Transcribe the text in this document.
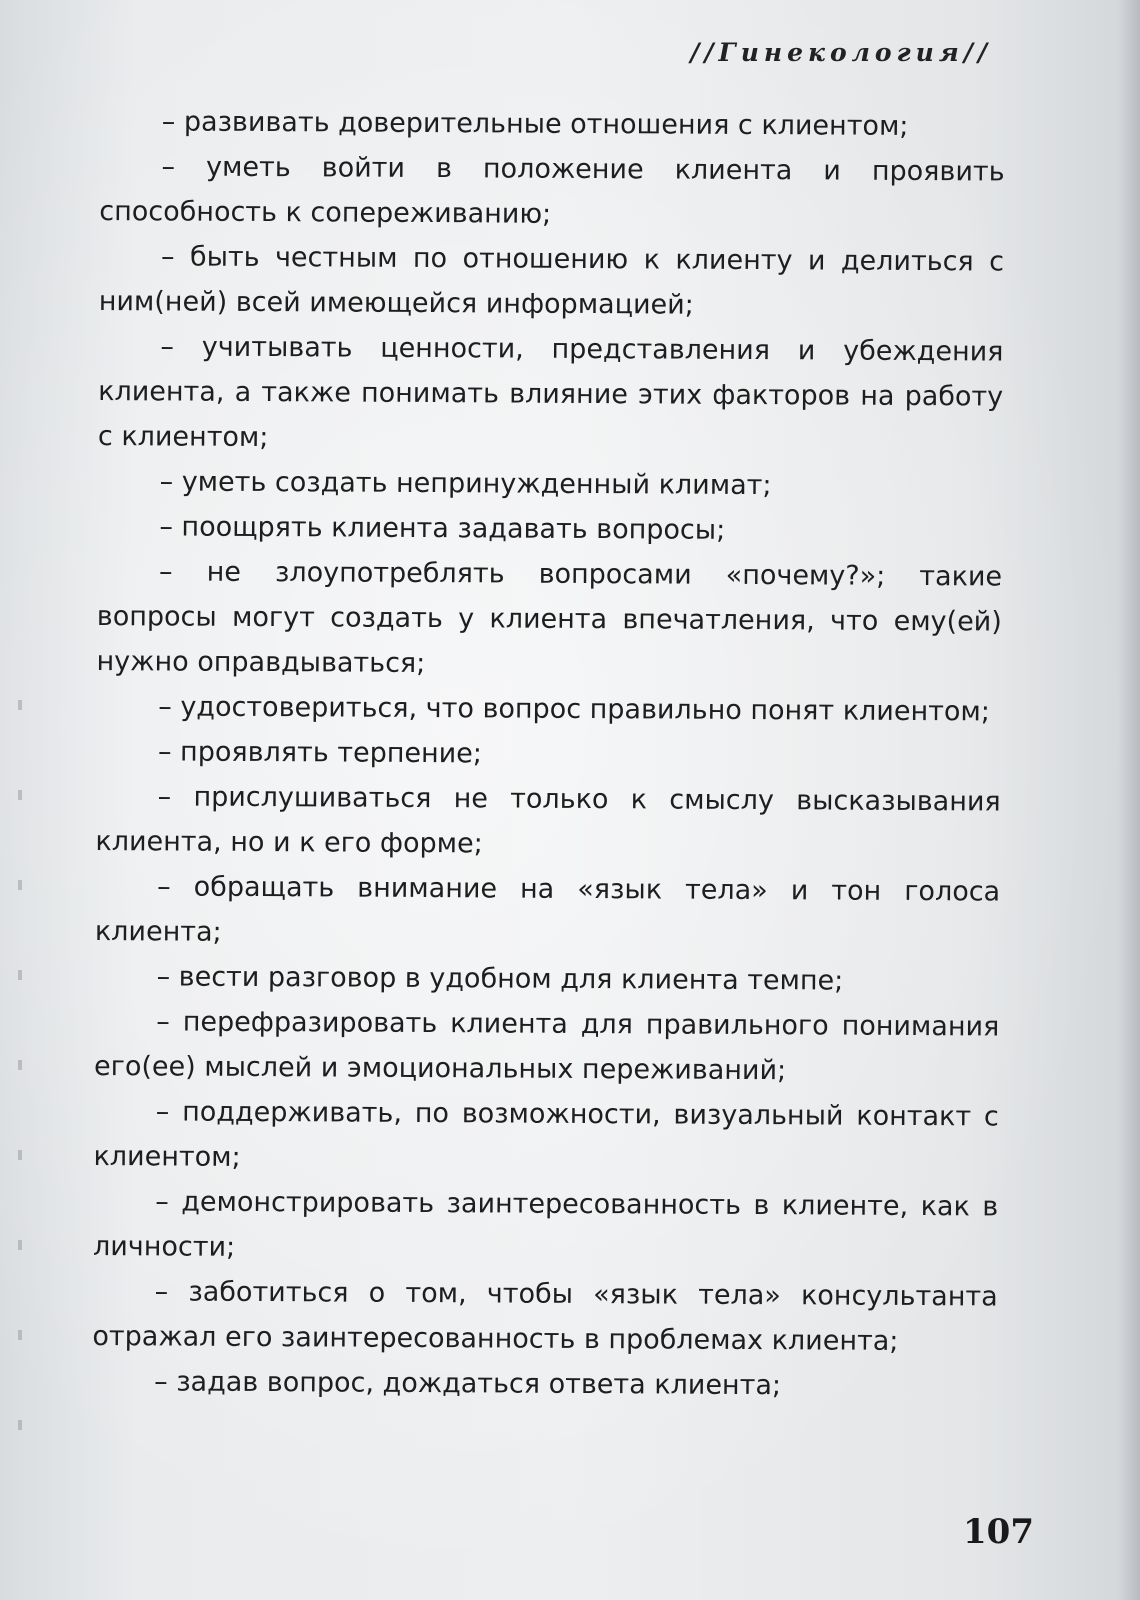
//Гинекология//

– развивать доверительные отношения с клиентом;

– уметь войти в положение клиента и проявить способность к сопереживанию;

– быть честным по отношению к клиенту и делиться с ним(ней) всей имеющейся информацией;

– учитывать ценности, представления и убеждения клиента, а также понимать влияние этих факторов на работу с клиентом;

– уметь создать непринужденный климат;

– поощрять клиента задавать вопросы;

– не злоупотреблять вопросами «почему?»; такие вопросы могут создать у клиента впечатления, что ему(ей) нужно оправдываться;

– удостовериться, что вопрос правильно понят клиентом;

– проявлять терпение;

– прислушиваться не только к смыслу высказывания клиента, но и к его форме;

– обращать внимание на «язык тела» и тон голоса клиента;

– вести разговор в удобном для клиента темпе;

– перефразировать клиента для правильного понимания его(ее) мыслей и эмоциональных переживаний;

– поддерживать, по возможности, визуальный контакт с клиентом;

– демонстрировать заинтересованность в клиенте, как в личности;

– заботиться о том, чтобы «язык тела» консультанта отражал его заинтересованность в проблемах клиента;

– задав вопрос, дождаться ответа клиента;

107
